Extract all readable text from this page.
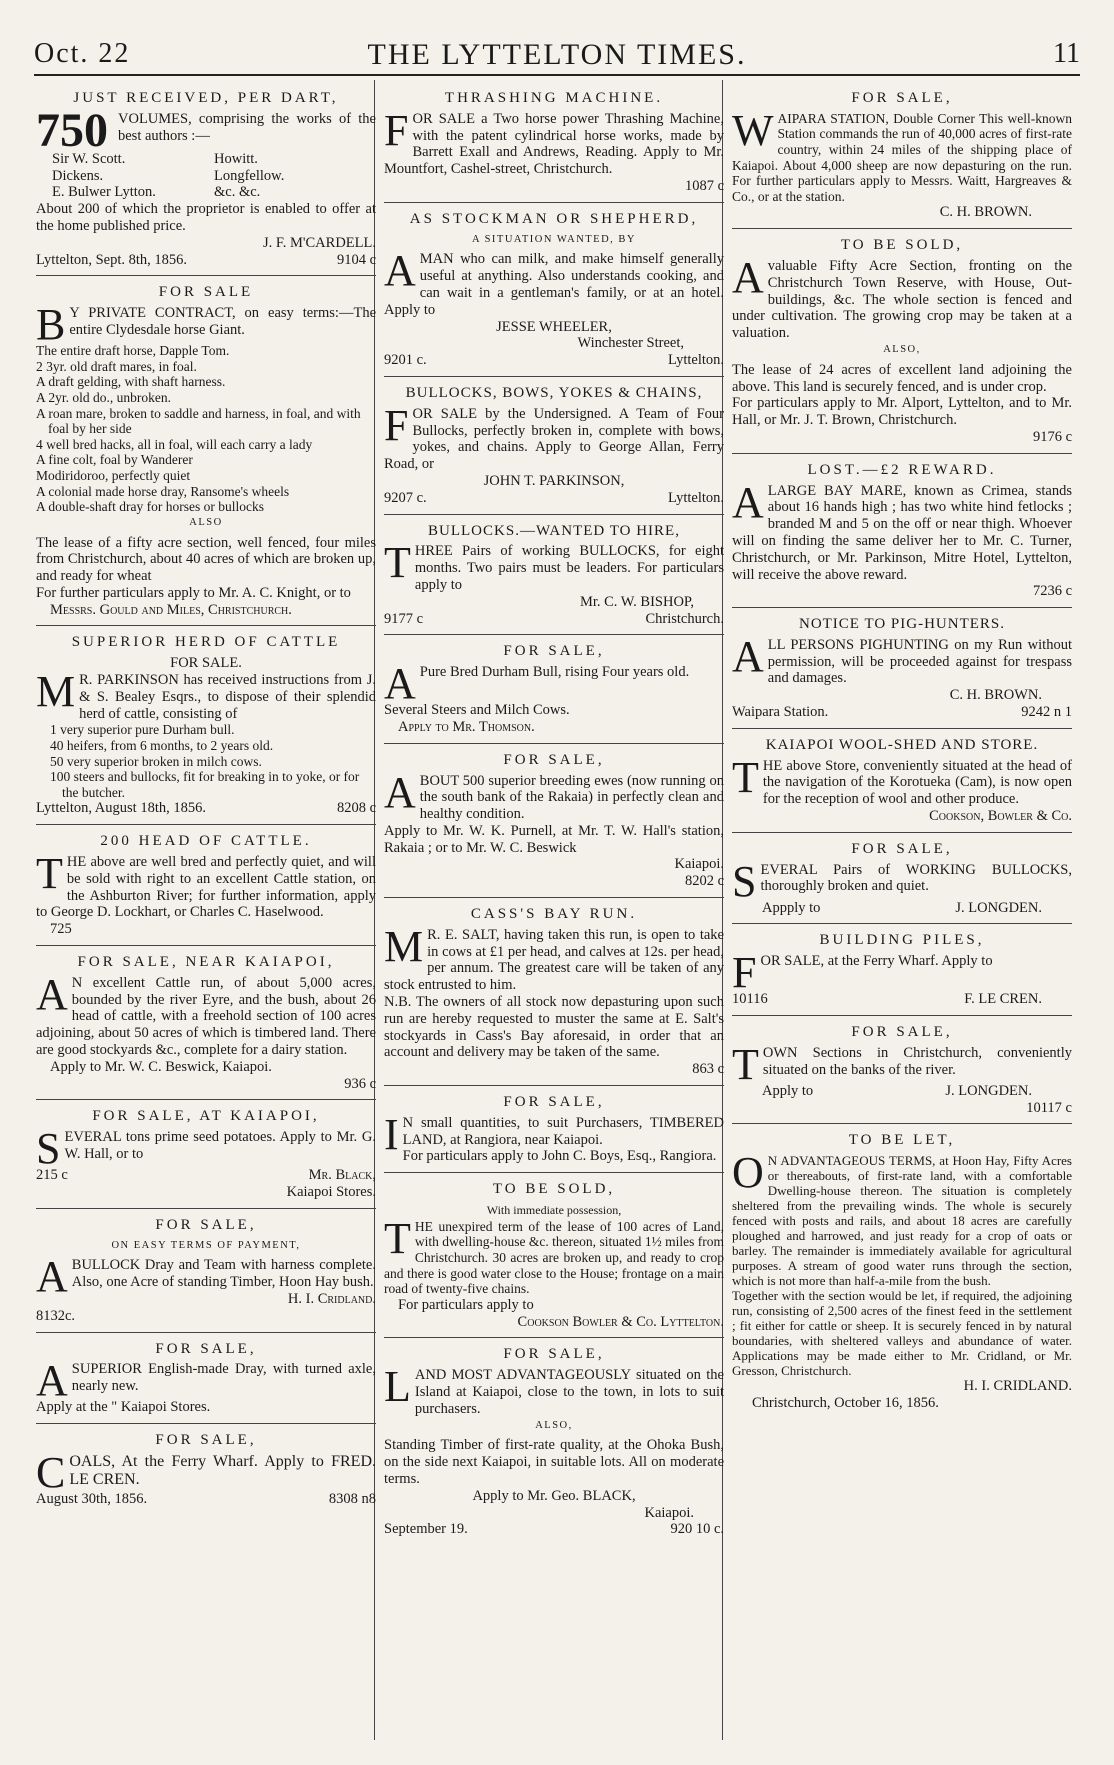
Oct. 22	THE LYTTELTON TIMES.	11
JUST RECEIVED, PER DART,
750 VOLUMES, comprising the works of the best authors :—

Sir W. Scott.	Howitt.
Dickens.	Longfellow.
E. Bulwer Lytton.	&c. &c.

About 200 of which the proprietor is enabled to offer at the home published price.

J. F. M'CARDELL.

Lyttelton, Sept. 8th, 1856.	9104 c
FOR SALE
B Y PRIVATE CONTRACT, on easy terms:—The entire Clydesdale horse Giant.

The entire draft horse, Dapple Tom.
2 3yr. old draft mares, in foal.
A draft gelding, with shaft harness.
A 2yr. old do., unbroken.
A roan mare, broken to saddle and harness, in foal, and with foal by her side
4 well bred hacks, all in foal, will each carry a lady
A fine colt, foal by Wanderer
Modiridoroo, perfectly quiet
A colonial made horse dray, Ransome's wheels
A double-shaft dray for horses or bullocks
ALSO

The lease of a fifty acre section, well fenced, four miles from Christchurch, about 40 acres of which are broken up, and ready for wheat

For further particulars apply to Mr. A. C. Knight, or to

Messrs. Gould and Miles, Christchurch.

SUPERIOR HERD OF CATTLE
FOR SALE.
M R. PARKINSON has received instructions from J. & S. Bealey Esqrs., to dispose of their splendid herd of cattle, consisting of

1 very superior pure Durham bull.
40 heifers, from 6 months, to 2 years old.
50 very superior broken in milch cows.
100 steers and bullocks, fit for breaking in to yoke, or for the butcher.
Lyttelton, August 18th, 1856.	8208 c
200 HEAD OF CATTLE.
T HE above are well bred and perfectly quiet, and will be sold with right to an excellent Cattle station, on the Ashburton River; for further information, apply to George D. Lockhart, or Charles C. Haselwood.

725

FOR SALE, NEAR KAIAPOI,
A N excellent Cattle run, of about 5,000 acres, bounded by the river Eyre, and the bush, about 26 head of cattle, with a freehold section of 100 acres adjoining, about 50 acres of which is timbered land. There are good stockyards &c., complete for a dairy station.

Apply to Mr. W. C. Beswick, Kaiapoi.

936 c

FOR SALE, AT KAIAPOI,
S EVERAL tons prime seed potatoes. Apply to Mr. G. W. Hall, or to

215 c	Mr. Black,

Kaiapoi Stores.

FOR SALE,
ON EASY TERMS OF PAYMENT,
A BULLOCK Dray and Team with harness complete. Also, one Acre of standing Timber, Hoon Hay bush.

H. I. Cridland.

8132c.

FOR SALE,
A SUPERIOR English-made Dray, with turned axle, nearly new.

Apply at the " Kaiapoi Stores.

FOR SALE,
C OALS, At the Ferry Wharf. Apply to FRED. LE CREN.

August 30th, 1856.	8308 n8
THRASHING MACHINE.
F OR SALE a Two horse power Thrashing Machine, with the patent cylindrical horse works, made by Barrett Exall and Andrews, Reading. Apply to Mr. Mountfort, Cashel-street, Christchurch.

1087 c

AS STOCKMAN OR SHEPHERD,
A SITUATION WANTED, BY
A MAN who can milk, and make himself generally useful at anything. Also understands cooking, and can wait in a gentleman's family, or at an hotel. Apply to

JESSE WHEELER,

Winchester Street,

9201 c.	Lyttelton.
BULLOCKS, BOWS, YOKES & CHAINS,
F OR SALE by the Undersigned. A Team of Four Bullocks, perfectly broken in, complete with bows, yokes, and chains. Apply to George Allan, Ferry Road, or

JOHN T. PARKINSON,

9207 c.	Lyttelton.
BULLOCKS.—WANTED TO HIRE,
T HREE Pairs of working BULLOCKS, for eight months. Two pairs must be leaders. For particulars apply to

Mr. C. W. BISHOP,

9177 c	Christchurch.
FOR SALE,
A Pure Bred Durham Bull, rising Four years old.

Several Steers and Milch Cows.

Apply to Mr. Thomson.

FOR SALE,
A BOUT 500 superior breeding ewes (now running on the south bank of the Rakaia) in perfectly clean and healthy condition.

Apply to Mr. W. K. Purnell, at Mr. T. W. Hall's station, Rakaia ; or to Mr. W. C. Beswick

Kaiapoi.

8202 c

CASS'S BAY RUN.
M R. E. SALT, having taken this run, is open to take in cows at £1 per head, and calves at 12s. per head, per annum. The greatest care will be taken of any stock entrusted to him.

N.B. The owners of all stock now depasturing upon such run are hereby requested to muster the same at E. Salt's stockyards in Cass's Bay aforesaid, in order that an account and delivery may be taken of the same.

863 c

FOR SALE,
I N small quantities, to suit Purchasers, TIMBERED LAND, at Rangiora, near Kaiapoi.

For particulars apply to John C. Boys, Esq., Rangiora.

TO BE SOLD,
With immediate possession,
T HE unexpired term of the lease of 100 acres of Land, with dwelling-house &c. thereon, situated 1½ miles from Christchurch. 30 acres are broken up, and ready to crop and there is good water close to the House; frontage on a main road of twenty-five chains.

For particulars apply to

Cookson Bowler & Co. Lyttelton.

FOR SALE,
L AND MOST ADVANTAGEOUSLY situated on the Island at Kaiapoi, close to the town, in lots to suit purchasers.

ALSO,

Standing Timber of first-rate quality, at the Ohoka Bush, on the side next Kaiapoi, in suitable lots. All on moderate terms.

Apply to Mr. Geo. BLACK,

Kaiapoi.

September 19.	920 10 c.
FOR SALE,
W AIPARA STATION, Double Corner This well-known Station commands the run of 40,000 acres of first-rate country, within 24 miles of the shipping place of Kaiapoi. About 4,000 sheep are now depasturing on the run. For further particulars apply to Messrs. Waitt, Hargreaves & Co., or at the station.

C. H. BROWN.

TO BE SOLD,
A valuable Fifty Acre Section, fronting on the Christchurch Town Reserve, with House, Out-buildings, &c. The whole section is fenced and under cultivation. The growing crop may be taken at a valuation.

ALSO,

The lease of 24 acres of excellent land adjoining the above. This land is securely fenced, and is under crop.

For particulars apply to Mr. Alport, Lyttelton, and to Mr. Hall, or Mr. J. T. Brown, Christchurch.

9176 c

LOST.—£2 REWARD.
A LARGE BAY MARE, known as Crimea, stands about 16 hands high ; has two white hind fetlocks ; branded M and 5 on the off or near thigh. Whoever will on finding the same deliver her to Mr. C. Turner, Christchurch, or Mr. Parkinson, Mitre Hotel, Lyttelton, will receive the above reward.

7236 c

NOTICE TO PIG-HUNTERS.
A LL PERSONS PIGHUNTING on my Run without permission, will be proceeded against for trespass and damages.

C. H. BROWN.

Waipara Station.	9242 n 1
KAIAPOI WOOL-SHED AND STORE.
T HE above Store, conveniently situated at the head of the navigation of the Korotueka (Cam), is now open for the reception of wool and other produce.

Cookson, Bowler & Co.

FOR SALE,
S EVERAL Pairs of WORKING BULLOCKS, thoroughly broken and quiet.

Appply to	J. LONGDEN.
BUILDING PILES,
F OR SALE, at the Ferry Wharf. Apply to

10116	F. LE CREN.
FOR SALE,
T OWN Sections in Christchurch, conveniently situated on the banks of the river.

Apply to	J. LONGDEN.

10117 c

TO BE LET,
O N ADVANTAGEOUS TERMS, at Hoon Hay, Fifty Acres or thereabouts, of first-rate land, with a comfortable Dwelling-house thereon. The situation is completely sheltered from the prevailing winds. The whole is securely fenced with posts and rails, and about 18 acres are carefully ploughed and harrowed, and just ready for a crop of oats or barley. The remainder is immediately available for agricultural purposes. A stream of good water runs through the section, which is not more than half-a-mile from the bush.

Together with the section would be let, if required, the adjoining run, consisting of 2,500 acres of the finest feed in the settlement ; fit either for cattle or sheep. It is securely fenced in by natural boundaries, with sheltered valleys and abundance of water. Applications may be made either to Mr. Cridland, or Mr. Gresson, Christchurch.

H. I. CRIDLAND.

Christchurch, October 16, 1856.
